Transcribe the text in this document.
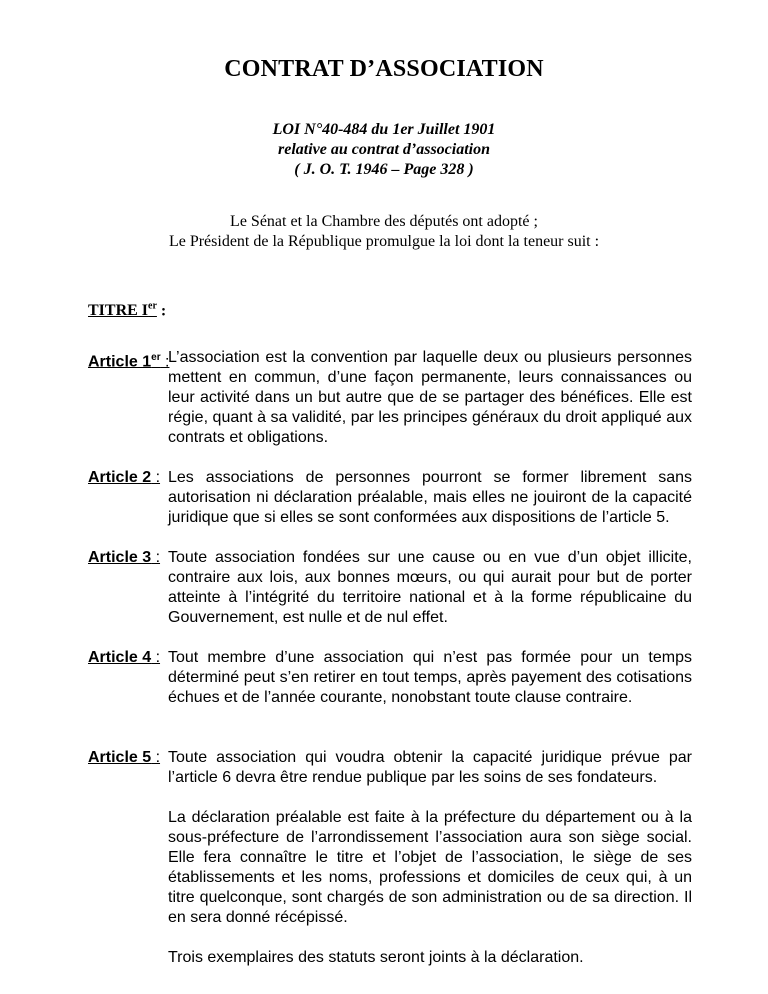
CONTRAT D’ASSOCIATION
LOI N°40-484 du 1er Juillet 1901
relative au contrat d’association
( J. O. T. 1946 – Page 328 )
Le Sénat et la Chambre des députés ont adopté ;
Le Président de la République promulgue la loi dont la teneur suit :
TITRE Ier :
Article 1er :

L’association est la convention par laquelle deux ou plusieurs personnes mettent en commun, d’une façon permanente, leurs connaissances ou leur activité dans un but autre que de se partager des bénéfices. Elle est régie, quant à sa validité, par les principes généraux du droit appliqué aux contrats et obligations.

Article 2 : Les associations de personnes pourront se former librement sans autorisation ni déclaration préalable, mais elles ne jouiront de la capacité juridique que si elles se sont conformées aux dispositions de l’article 5.

Article 3 : Toute association fondées sur une cause ou en vue d’un objet illicite, contraire aux lois, aux bonnes mœurs, ou qui aurait pour but de porter atteinte à l’intégrité du territoire national et à la forme républicaine du Gouvernement, est nulle et de nul effet.

Article 4 : Tout membre d’une association qui n’est pas formée pour un temps déterminé peut s’en retirer en tout temps, après payement des cotisations échues et de l’année courante, nonobstant toute clause contraire.

Article 5 : Toute association qui voudra obtenir la capacité juridique prévue par l’article 6 devra être rendue publique par les soins de ses fondateurs.

La déclaration préalable est faite à la préfecture du département ou à la sous-préfecture de l’arrondissement l’association aura son siège social. Elle fera connaître le titre et l’objet de l’association, le siège de ses établissements et les noms, professions et domiciles de ceux qui, à un titre quelconque, sont chargés de son administration ou de sa direction. Il en sera donné récépissé.

Trois exemplaires des statuts seront joints à la déclaration.
